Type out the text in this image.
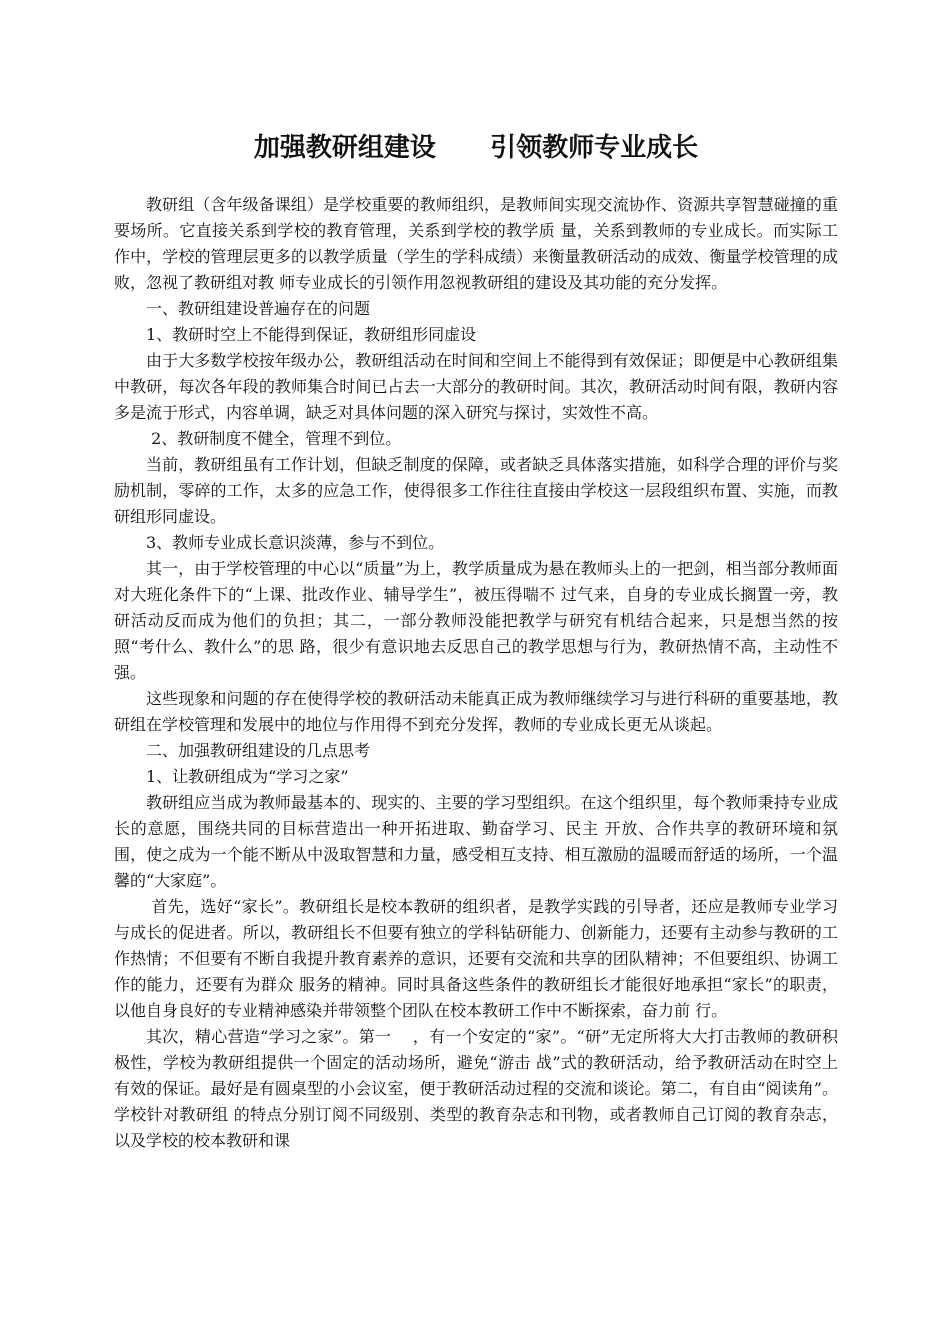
加强教研组建设      引领教师专业成长

教研组（含年级备课组）是学校重要的教师组织，是教师间实现交流协作、资源共享智慧碰撞的重要场所。它直接关系到学校的教育管理，关系到学校的教学质 量，关系到教师的专业成长。而实际工作中，学校的管理层更多的以教学质量（学生的学科成绩）来衡量教研活动的成效、衡量学校管理的成败，忽视了教研组对教 师专业成长的引领作用忽视教研组的建设及其功能的充分发挥。

一、教研组建设普遍存在的问题

1、教研时空上不能得到保证，教研组形同虚设

由于大多数学校按年级办公，教研组活动在时间和空间上不能得到有效保证；即便是中心教研组集中教研，每次各年段的教师集合时间已占去一大部分的教研时间。其次，教研活动时间有限，教研内容多是流于形式，内容单调，缺乏对具体问题的深入研究与探讨，实效性不高。

2、教研制度不健全，管理不到位。

当前，教研组虽有工作计划，但缺乏制度的保障，或者缺乏具体落实措施，如科学合理的评价与奖励机制，零碎的工作，太多的应急工作，使得很多工作往往直接由学校这一层段组织布置、实施，而教研组形同虚设。

3、教师专业成长意识淡薄，参与不到位。

其一，由于学校管理的中心以“质量”为上，教学质量成为悬在教师头上的一把剑，相当部分教师面对大班化条件下的“上课、批改作业、辅导学生”，被压得喘不 过气来，自身的专业成长搁置一旁，教研活动反而成为他们的负担；其二，一部分教师没能把教学与研究有机结合起来，只是想当然的按照“考什么、教什么”的思 路，很少有意识地去反思自己的教学思想与行为，教研热情不高，主动性不强。

这些现象和问题的存在使得学校的教研活动未能真正成为教师继续学习与进行科研的重要基地，教研组在学校管理和发展中的地位与作用得不到充分发挥，教师的专业成长更无从谈起。

二、加强教研组建设的几点思考

1、让教研组成为“学习之家”

教研组应当成为教师最基本的、现实的、主要的学习型组织。在这个组织里，每个教师秉持专业成长的意愿，围绕共同的目标营造出一种开拓进取、勤奋学习、民主 开放、合作共享的教研环境和氛围，使之成为一个能不断从中汲取智慧和力量，感受相互支持、相互激励的温暖而舒适的场所，一个温馨的“大家庭”。

首先，选好“家长”。教研组长是校本教研的组织者，是教学实践的引导者，还应是教师专业学习与成长的促进者。所以，教研组长不但要有独立的学科钻研能力、创新能力，还要有主动参与教研的工作热情；不但要有不断自我提升教育素养的意识，还要有交流和共享的团队精神；不但要组织、协调工作的能力，还要有为群众 服务的精神。同时具备这些条件的教研组长才能很好地承担“家长”的职责，以他自身良好的专业精神感染并带领整个团队在校本教研工作中不断探索，奋力前 行。

其次，精心营造“学习之家”。第一    ，有一个安定的“家”。“研”无定所将大大打击教师的教研积极性，学校为教研组提供一个固定的活动场所，避免“游击 战”式的教研活动，给予教研活动在时空上有效的保证。最好是有圆桌型的小会议室，便于教研活动过程的交流和谈论。第二，有自由“阅读角”。学校针对教研组 的特点分别订阅不同级别、类型的教育杂志和刊物，或者教师自己订阅的教育杂志，以及学校的校本教研和课
